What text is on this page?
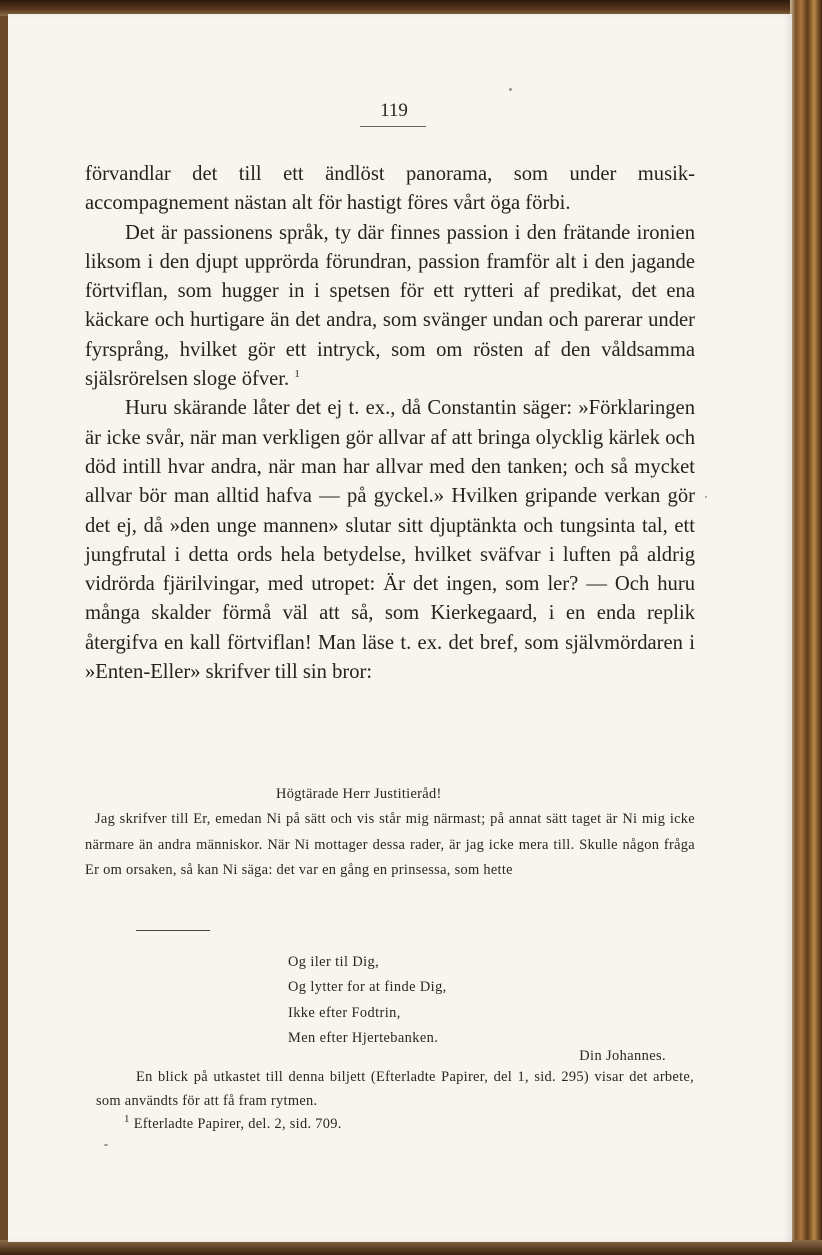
119

förvandlar det till ett ändlöst panorama, som under musik-accompagnement nästan alt för hastigt föres vårt öga förbi.

Det är passionens språk, ty där finnes passion i den frätande ironien liksom i den djupt upprörda förundran, passion framför alt i den jagande förtviflan, som hugger in i spetsen för ett rytteri af predikat, det ena käckare och hurtigare än det andra, som svänger undan och parerar under fyrsprång, hvilket gör ett intryck, som om rösten af den våldsamma själsrörelsen sloge öfver. $^1$

Huru skärande låter det ej t. ex., då Constantin säger: »Förklaringen är icke svår, när man verkligen gör allvar af att bringa olycklig kärlek och död intill hvar andra, när man har allvar med den tanken; och så mycket allvar bör man alltid hafva — på gyckel.» Hvilken gripande verkan gör det ej, då »den unge mannen» slutar sitt djuptänkta och tungsinta tal, ett jungfrutal i detta ords hela betydelse, hvilket sväfvar i luften på aldrig vidrörda fjärilvingar, med utropet: Är det ingen, som ler? — Och huru många skalder förmå väl att så, som Kierkegaard, i en enda replik återgifva en kall förtviflan! Man läse t. ex. det bref, som självmördaren i »Enten-Eller» skrifver till sin bror:

Högtärade Herr Justitieråd!

Jag skrifver till Er, emedan Ni på sätt och vis står mig närmast; på annat sätt taget är Ni mig icke närmare än andra människor. När Ni mottager dessa rader, är jag icke mera till. Skulle någon fråga Er om orsaken, så kan Ni säga: det var en gång en prinsessa, som hette

Og iler til Dig,
Og lytter for at finde Dig,
Ikke efter Fodtrin,
Men efter Hjertebanken.
Din Johannes.

En blick på utkastet till denna biljett (Efterladte Papirer, del 1, sid. 295) visar det arbete, som användts för att få fram rytmen.

$^1$ Efterladte Papirer, del. 2, sid. 709.
